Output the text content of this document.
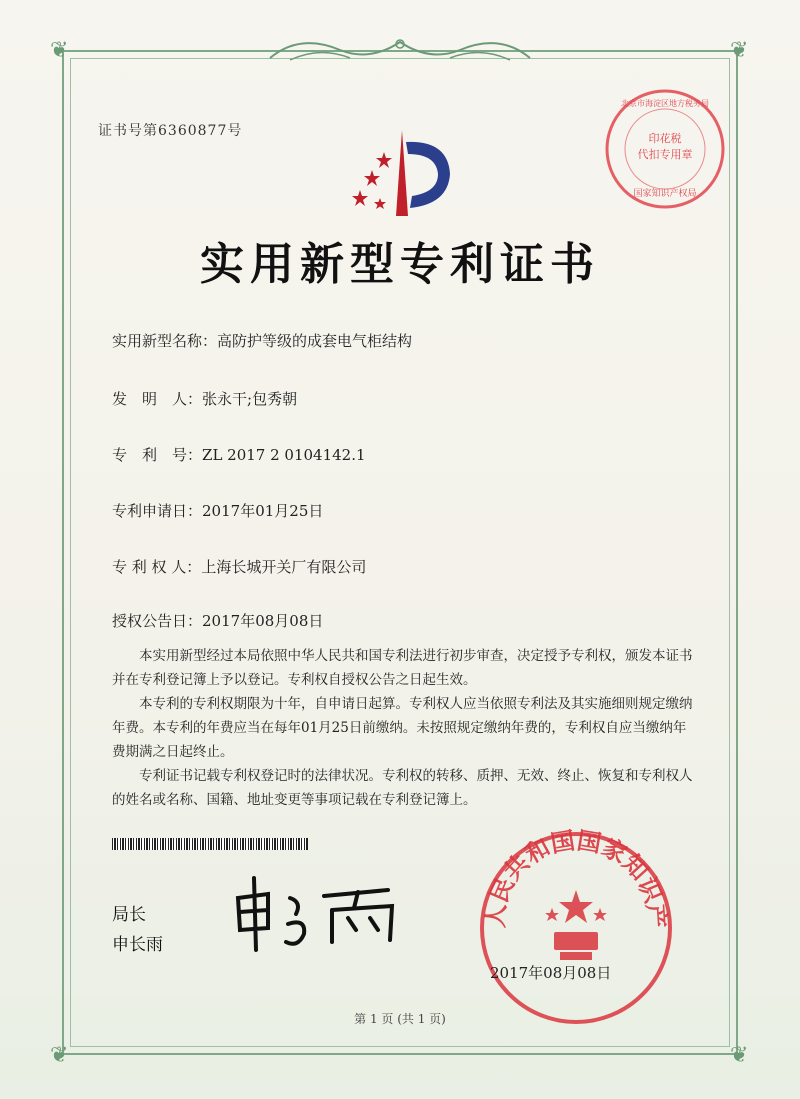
❦	❦
❦	❦
证书号第6360877号	印花税
代扣专用章
北京市海淀区地方税务局
国家知识产权局
实用新型专利证书
实用新型名称：高防护等级的成套电气柜结构
发　明　人：张永干;包秀朝
专　利　号：ZL 2017 2 0104142.1
专利申请日：2017年01月25日
专 利 权 人：上海长城开关厂有限公司
授权公告日：2017年08月08日

本实用新型经过本局依照中华人民共和国专利法进行初步审查，决定授予专利权，颁发本证书并在专利登记簿上予以登记。专利权自授权公告之日起生效。

本专利的专利权期限为十年，自申请日起算。专利权人应当依照专利法及其实施细则规定缴纳年费。本专利的年费应当在每年01月25日前缴纳。未按照规定缴纳年费的，专利权自应当缴纳年费期满之日起终止。

专利证书记载专利权登记时的法律状况。专利权的转移、质押、无效、终止、恢复和专利权人的姓名或名称、国籍、地址变更等事项记载在专利登记簿上。

局长
申长雨
人民共和国国家知识产
2017年08月08日
第 1 页 (共 1 页)
